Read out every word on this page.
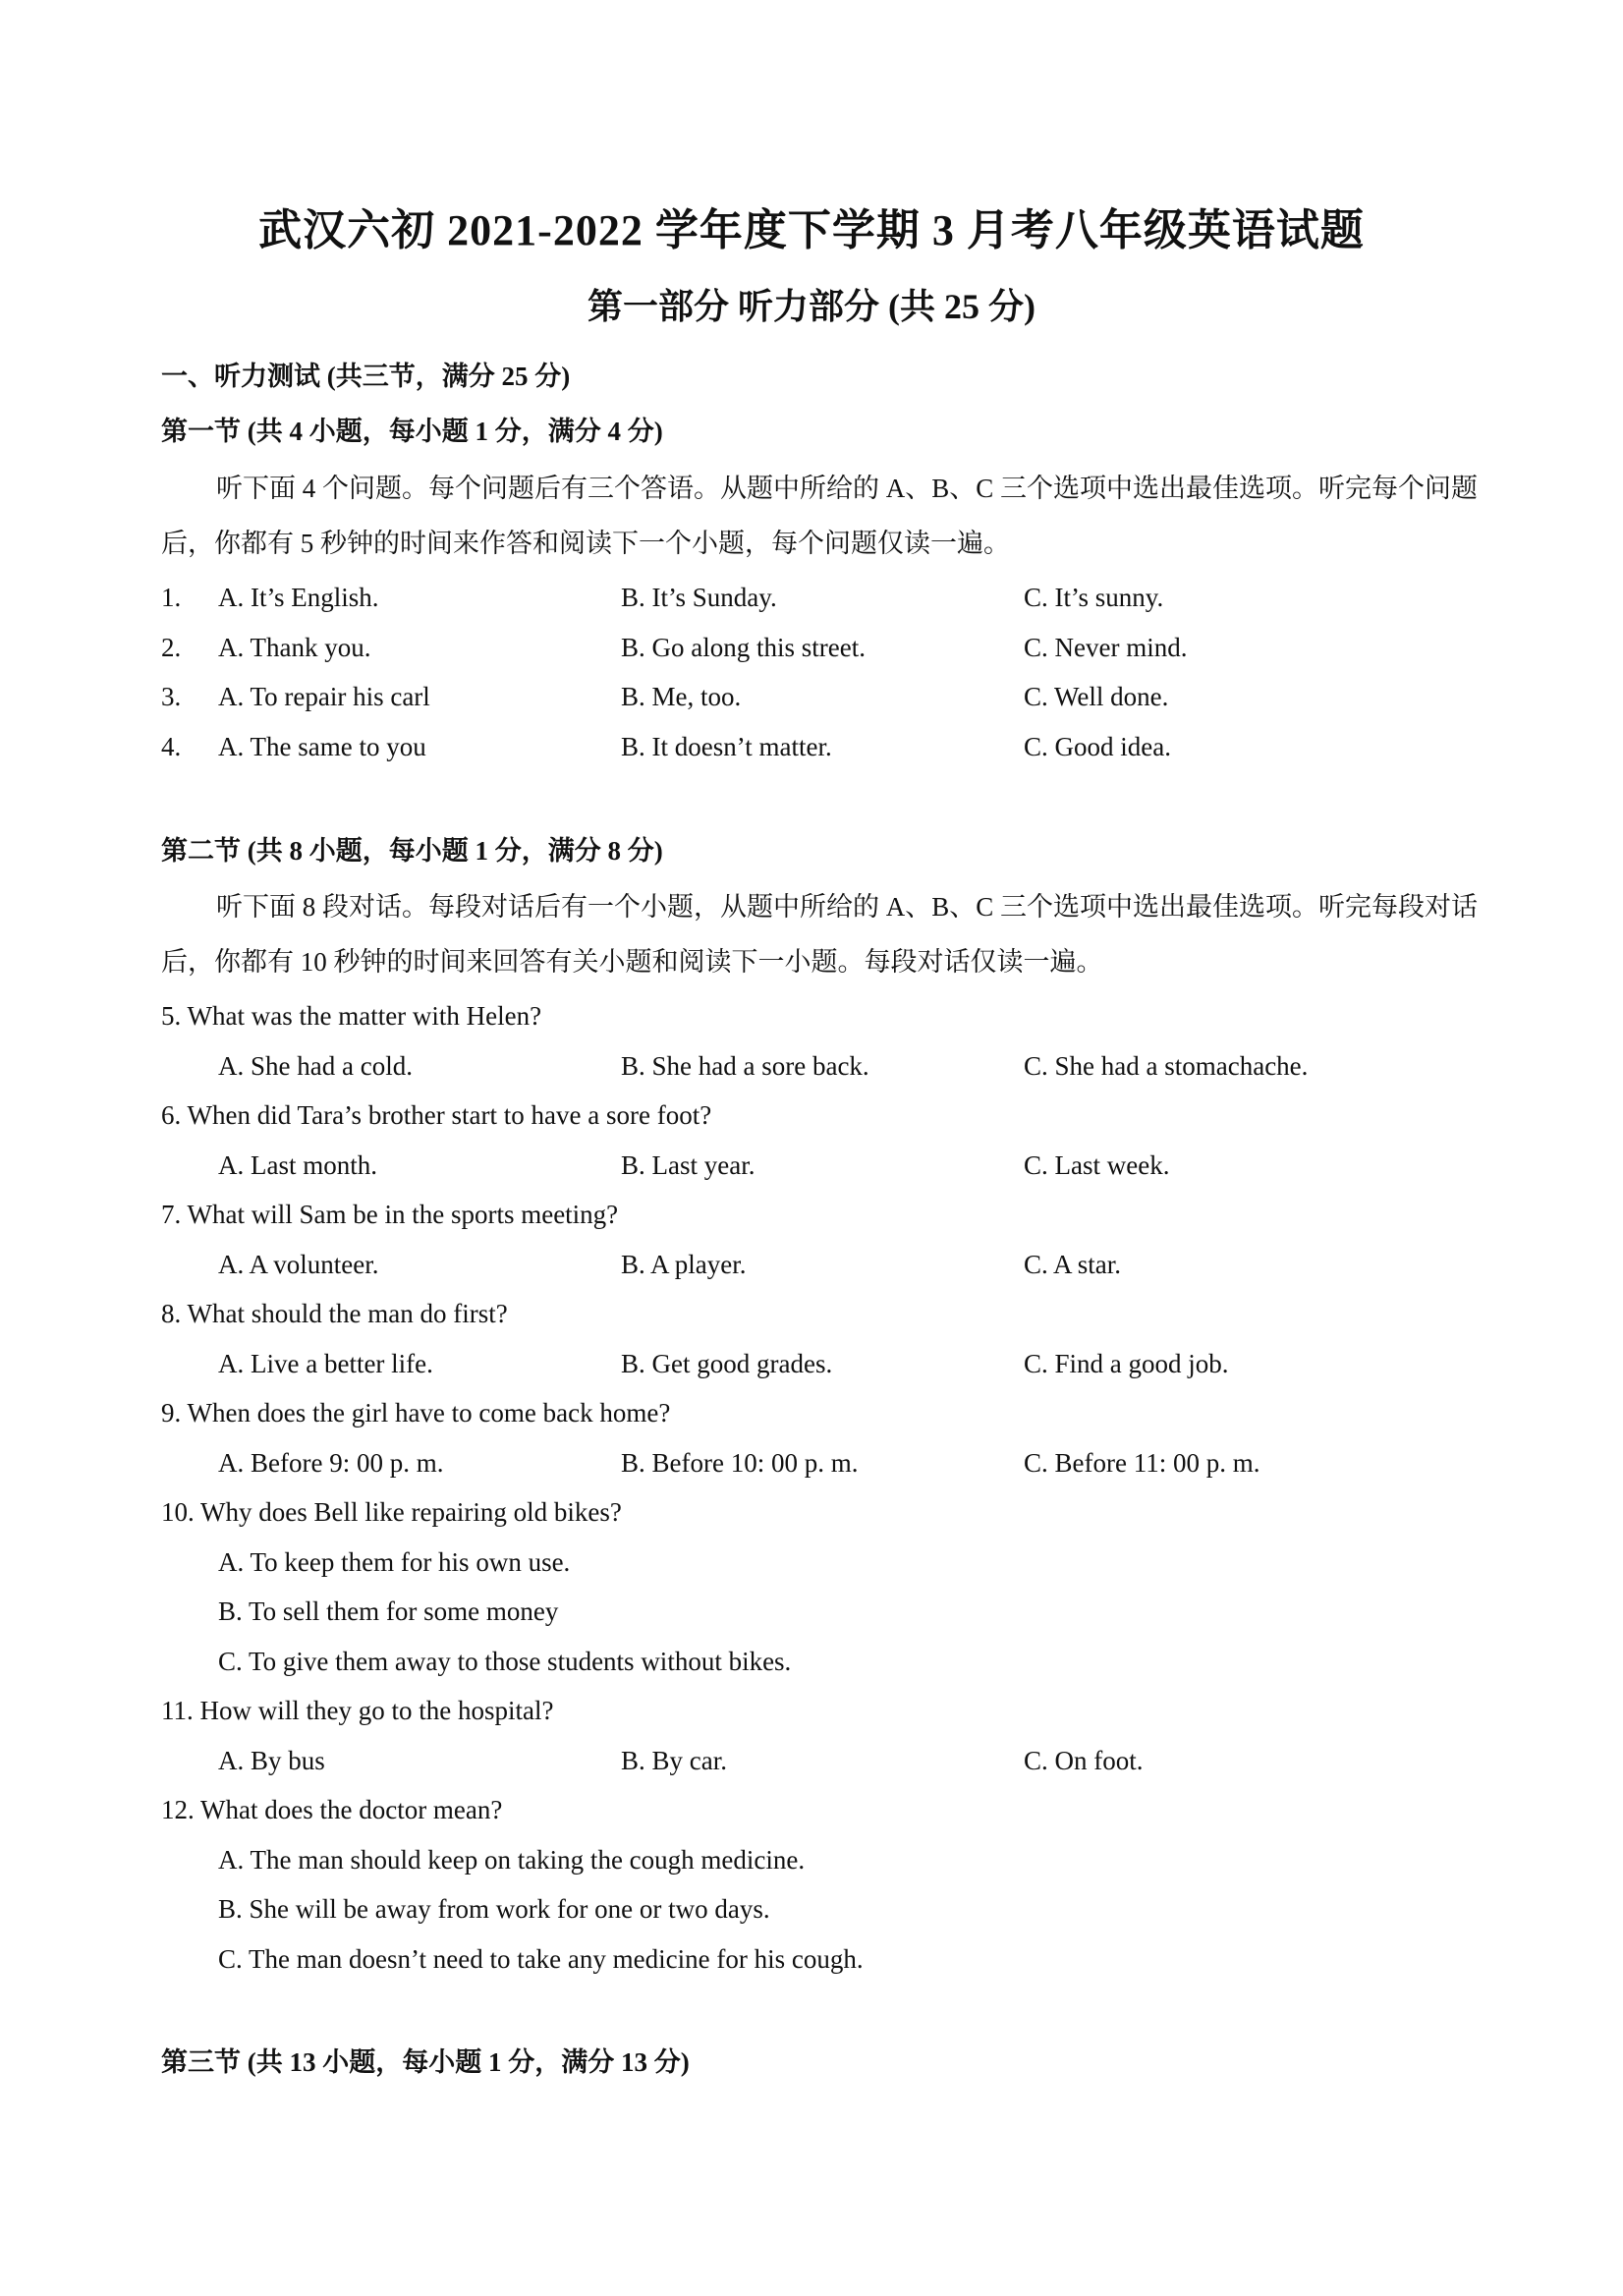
武汉六初 2021-2022 学年度下学期 3 月考八年级英语试题
第一部分 听力部分 (共 25 分)
一、听力测试 (共三节，满分 25 分)
第一节 (共 4 小题，每小题 1 分，满分 4 分)
听下面 4 个问题。每个问题后有三个答语。从题中所给的 A、B、C 三个选项中选出最佳选项。听完每个问题后，你都有 5 秒钟的时间来作答和阅读下一个小题，每个问题仅读一遍。
1. A. It’s English.	B. It’s Sunday.	C. It’s sunny.
2. A. Thank you.	B. Go along this street.	C. Never mind.
3. A. To repair his carl	B. Me, too.	C. Well done.
4. A. The same to you	B. It doesn’t matter.	C. Good idea.
第二节 (共 8 小题，每小题 1 分，满分 8 分)
听下面 8 段对话。每段对话后有一个小题，从题中所给的 A、B、C 三个选项中选出最佳选项。听完每段对话后，你都有 10 秒钟的时间来回答有关小题和阅读下一小题。每段对话仅读一遍。
5. What was the matter with Helen?
A. She had a cold.	B. She had a sore back.	C. She had a stomachache.
6. When did Tara’s brother start to have a sore foot?
A. Last month.	B. Last year.	C. Last week.
7. What will Sam be in the sports meeting?
A. A volunteer.	B. A player.	C. A star.
8. What should the man do first?
A. Live a better life.	B. Get good grades.	C. Find a good job.
9. When does the girl have to come back home?
A. Before 9: 00 p. m.	B. Before 10: 00 p. m.	C. Before 11: 00 p. m.
10. Why does Bell like repairing old bikes?
A. To keep them for his own use.
B. To sell them for some money
C. To give them away to those students without bikes.
11. How will they go to the hospital?
A. By bus	B. By car.	C. On foot.
12. What does the doctor mean?
A. The man should keep on taking the cough medicine.
B. She will be away from work for one or two days.
C. The man doesn’t need to take any medicine for his cough.
第三节 (共 13 小题，每小题 1 分，满分 13 分)
